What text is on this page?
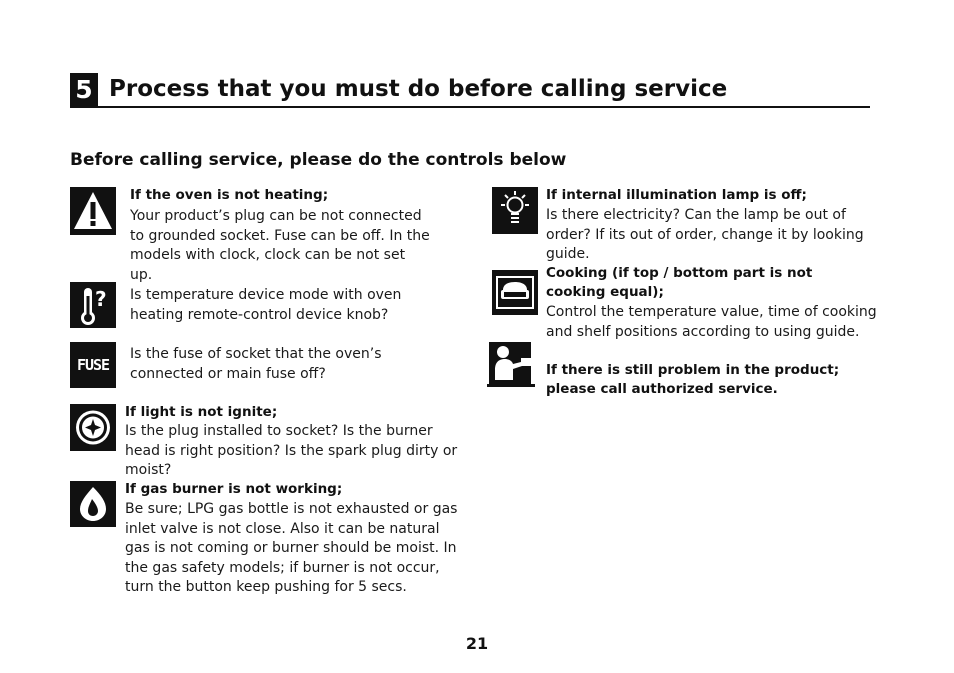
5 Process that you must do before calling service
Before calling service, please do the controls below
If the oven is not heating;
Your product’s plug can be not connected to grounded socket. Fuse can be off. In the models with clock, clock can be not set up.
? Is temperature device mode with oven heating remote-control device knob?
FUSE
Is the fuse of socket that the oven’s connected or main fuse off?
If light is not ignite;
Is the plug installed to socket? Is the burner head is right position? Is the spark plug dirty or moist?
If gas burner is not working;
Be sure; LPG gas bottle is not exhausted or gas inlet valve is not close. Also it can be natural gas is not coming or burner should be moist. In the gas safety models; if burner is not occur, turn the button keep pushing for 5 secs.
If internal illumination lamp is off;
Is there electricity? Can the lamp be out of order? If its out of order, change it by looking guide.
Cooking (if top / bottom part is not cooking equal);
Control the temperature value, time of cooking and shelf positions according to using guide.
If there is still problem in the product; please call authorized service.
21
